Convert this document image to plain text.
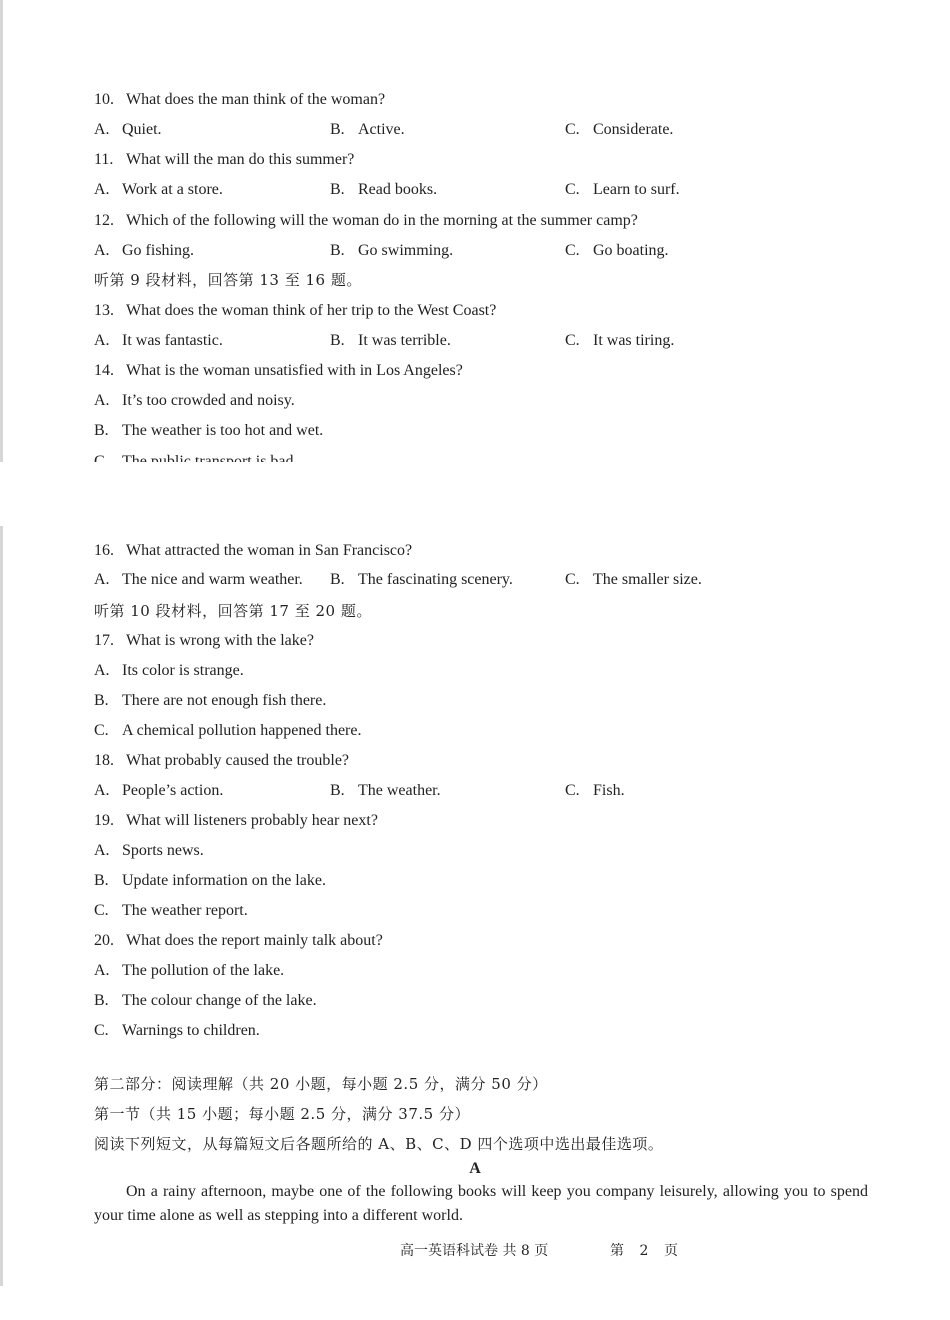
10. What does the man think of the woman?
A. Quiet.	B. Active.	C. Considerate.
11. What will the man do this summer?
A. Work at a store.	B. Read books.	C. Learn to surf.
12. Which of the following will the woman do in the morning at the summer camp?
A. Go fishing.	B. Go swimming.	C. Go boating.
听第 9 段材料，回答第 13 至 16 题。
13. What does the woman think of her trip to the West Coast?
A. It was fantastic.	B. It was terrible.	C. It was tiring.
14. What is the woman unsatisfied with in Los Angeles?
A. It’s too crowded and noisy.
B. The weather is too hot and wet.
16. What attracted the woman in San Francisco?
A. The nice and warm weather. B. The fascinating scenery.	C. The smaller size.
听第 10 段材料，回答第 17 至 20 题。
17. What is wrong with the lake?
A. Its color is strange.
B. There are not enough fish there.
C. A chemical pollution happened there.
18. What probably caused the trouble?
A. People’s action.	B. The weather.	C. Fish.
19. What will listeners probably hear next?
A. Sports news.
B. Update information on the lake.
C. The weather report.
20. What does the report mainly talk about?
A. The pollution of the lake.
B. The colour change of the lake.
C. Warnings to children.
第二部分：阅读理解（共 20 小题，每小题 2.5 分，满分 50 分）
第一节（共 15 小题；每小题 2.5 分，满分 37.5 分）
阅读下列短文，从每篇短文后各题所给的 A、B、C、D 四个选项中选出最佳选项。
A
On a rainy afternoon, maybe one of the following books will keep you company leisurely, allowing you to spend your time alone as well as stepping into a different world.
高一英语科试卷 共 8 页	第 2 页
